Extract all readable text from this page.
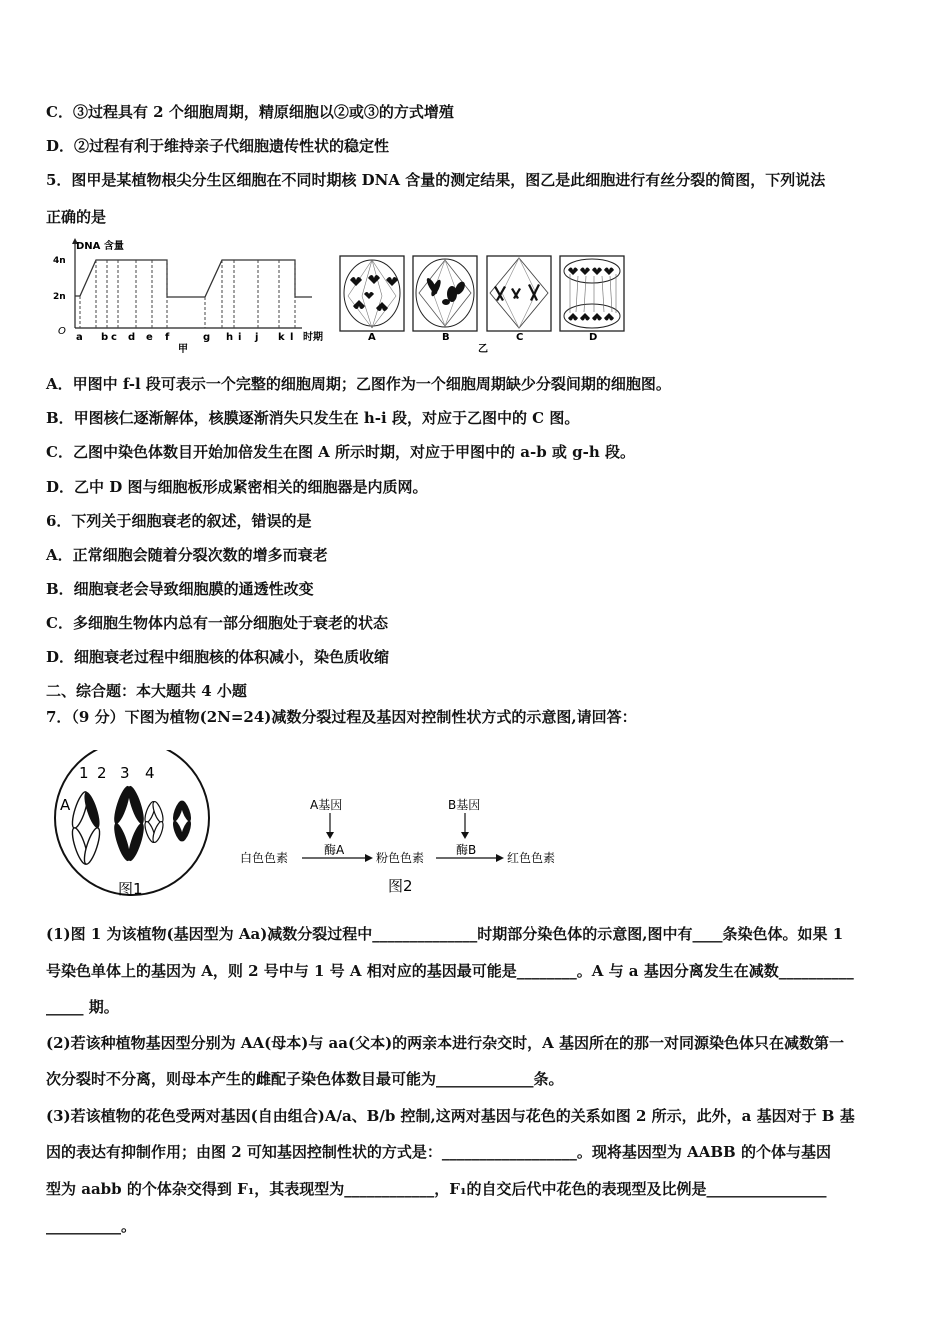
C．③过程具有 2 个细胞周期，精原细胞以②或③的方式增殖
D．②过程有利于维持亲子代细胞遗传性状的稳定性
5．图甲是某植物根尖分生区细胞在不同时期核 DNA 含量的测定结果，图乙是此细胞进行有丝分裂的简图，下列说法
正确的是
DNA 含量
4n
2n
O
a b c d e f	g h i j k l 时期
甲
A	B	C	D
乙
A．甲图中 f-l 段可表示一个完整的细胞周期；乙图作为一个细胞周期缺少分裂间期的细胞图。
B．甲图核仁逐渐解体，核膜逐渐消失只发生在 h-i 段，对应于乙图中的 C 图。
C．乙图中染色体数目开始加倍发生在图 A 所示时期，对应于甲图中的 a-b 或 g-h 段。
D．乙中 D 图与细胞板形成紧密相关的细胞器是内质网。
6．下列关于细胞衰老的叙述，错误的是
A．正常细胞会随着分裂次数的增多而衰老
B．细胞衰老会导致细胞膜的通透性改变
C．多细胞生物体内总有一部分细胞处于衰老的状态
D．细胞衰老过程中细胞核的体积减小，染色质收缩
二、综合题：本大题共 4 小题
7．（9 分）下图为植物(2N=24)减数分裂过程及基因对控制性状方式的示意图,请回答：
A
1 2 3 4
图1
A基因	B基因
白色色素
酶A
粉色色素
酶B
红色色素
图2
(1)图 1 为该植物(基因型为 Aa)减数分裂过程中______________时期部分染色体的示意图,图中有____条染色体。如果 1
号染色单体上的基因为 A，则 2 号中与 1 号 A 相对应的基因最可能是________。A 与 a 基因分离发生在减数__________
_____ 期。
(2)若该种植物基因型分别为 AA(母本)与 aa(父本)的两亲本进行杂交时，A 基因所在的那一对同源染色体只在减数第一
次分裂时不分离，则母本产生的雌配子染色体数目最可能为_____________条。
(3)若该植物的花色受两对基因(自由组合)A/a、B/b 控制,这两对基因与花色的关系如图 2 所示，此外，a 基因对于 B 基
因的表达有抑制作用；由图 2 可知基因控制性状的方式是：__________________。现将基因型为 AABB 的个体与基因
型为 aabb 的个体杂交得到 F₁，其表现型为____________，F₁的自交后代中花色的表现型及比例是________________
__________。
